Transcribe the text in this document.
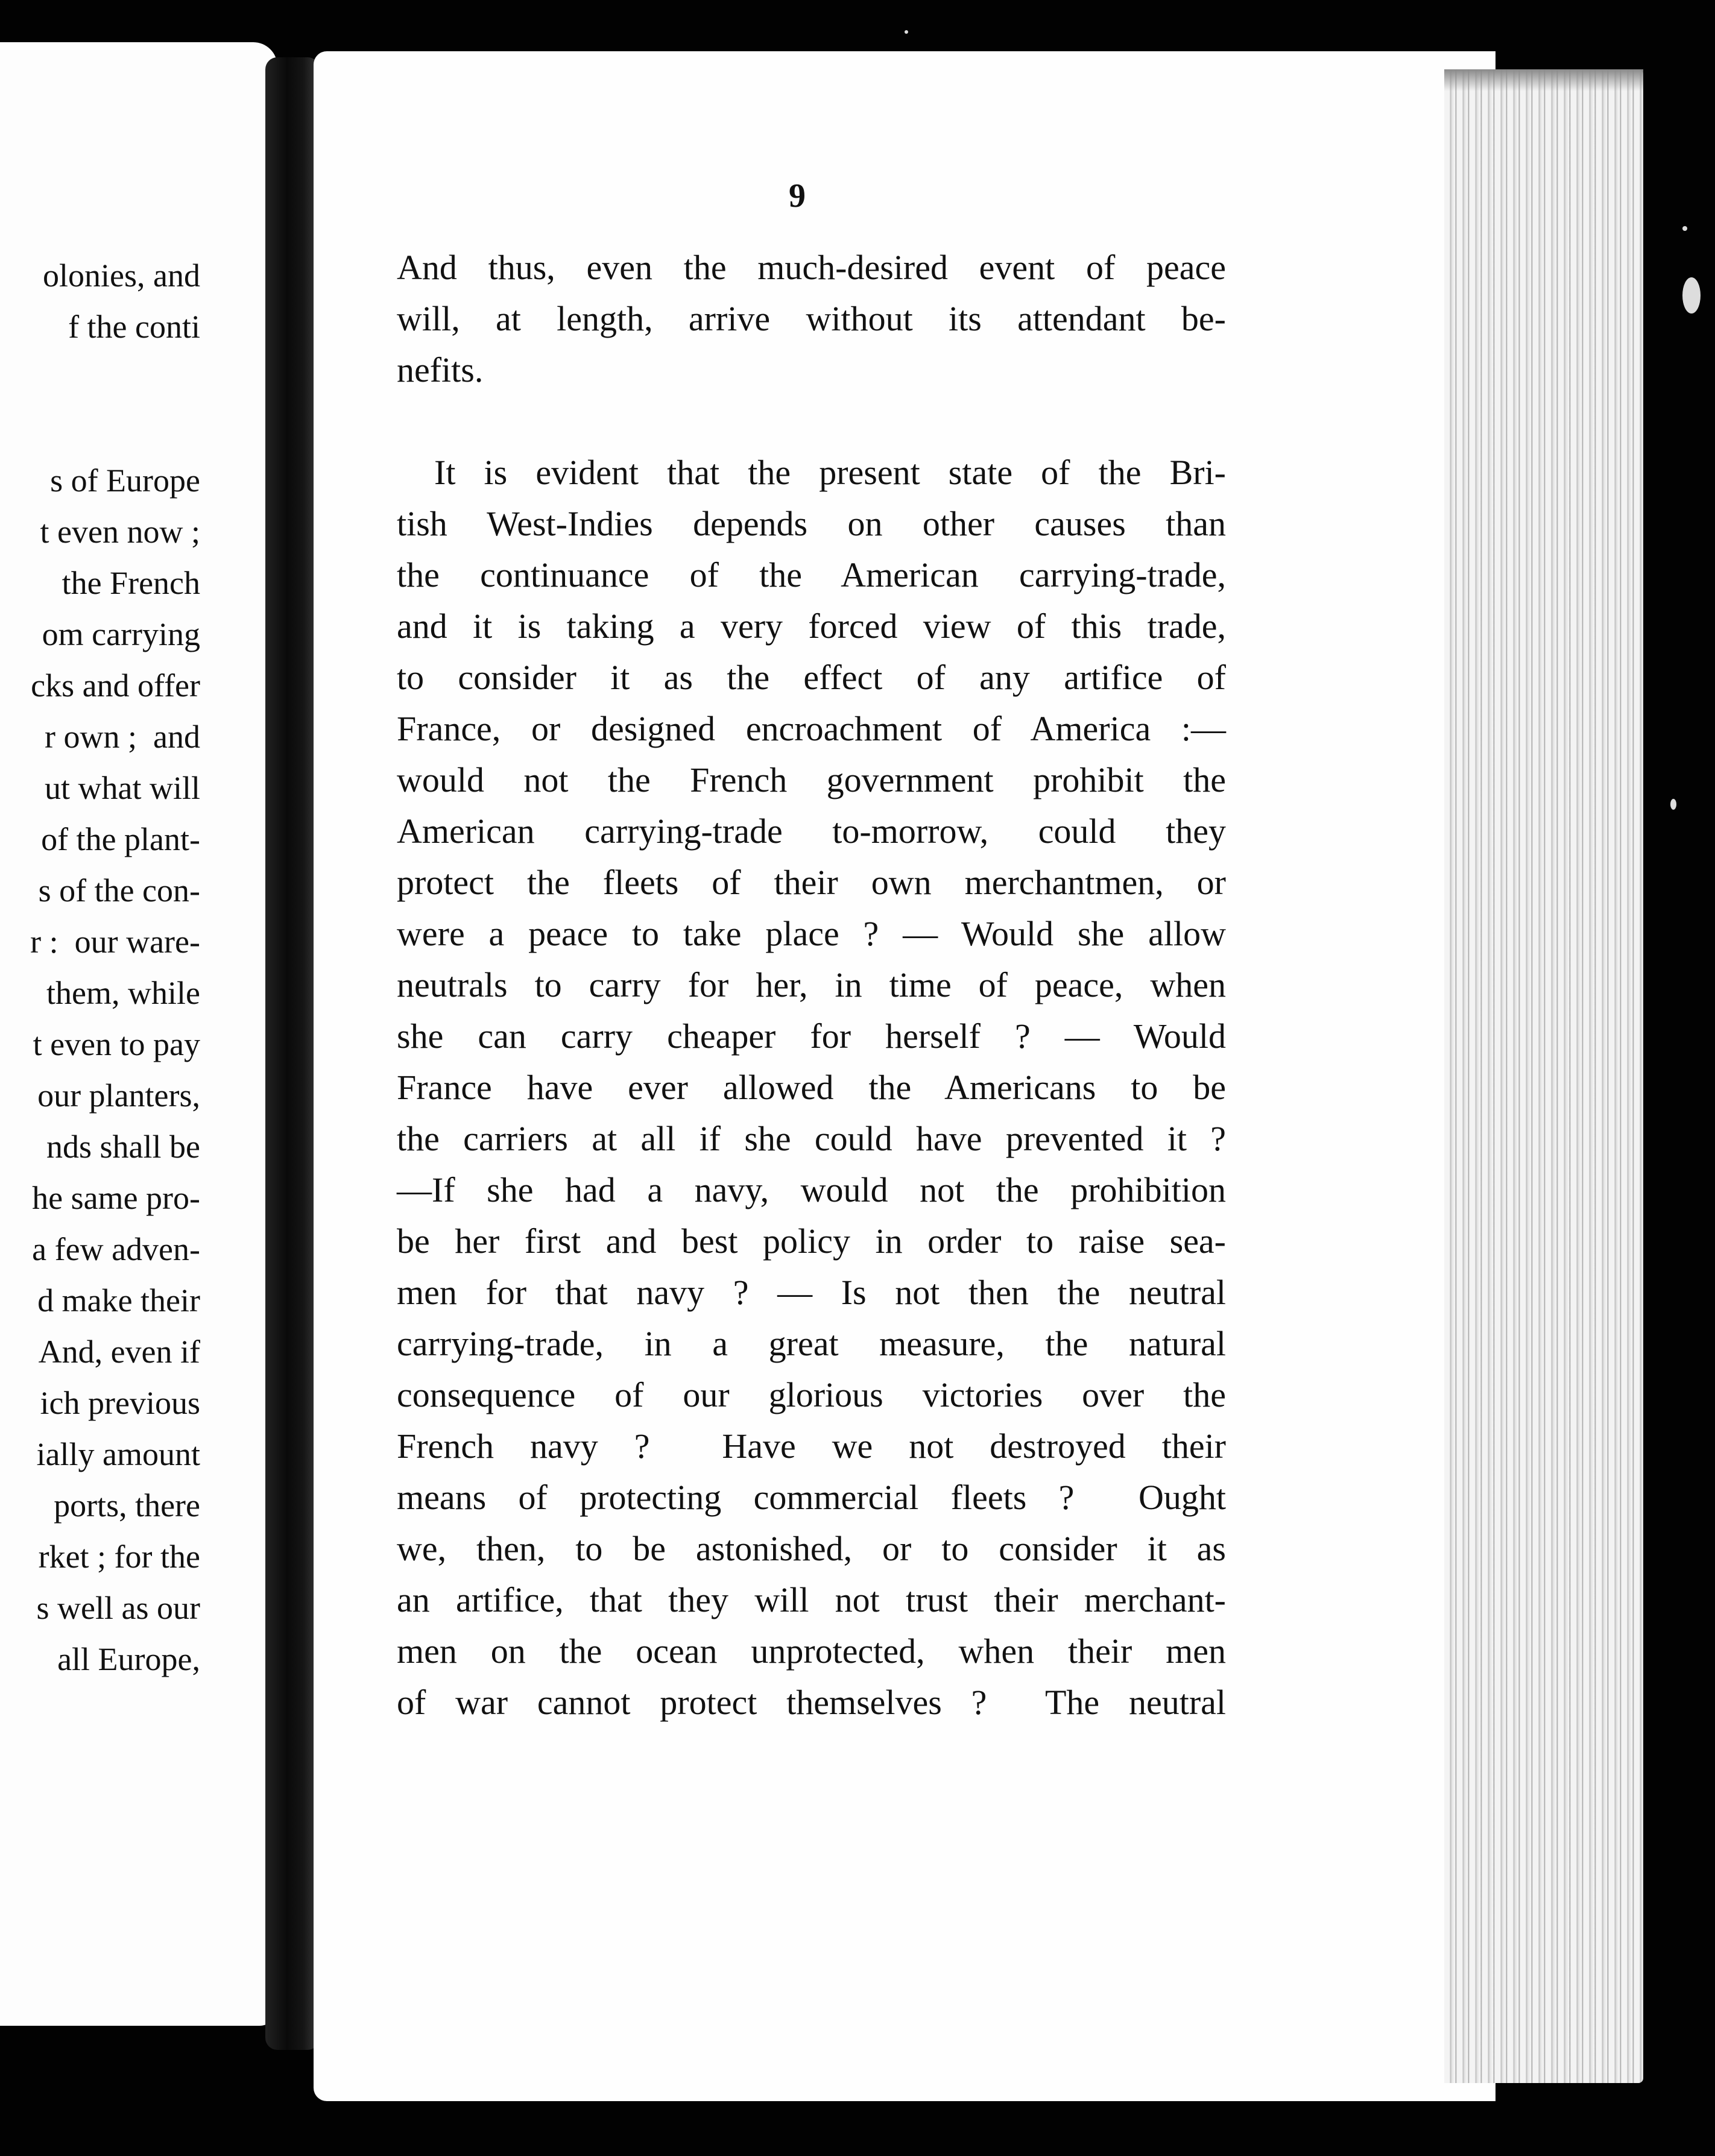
olonies, and

f the conti

s of Europe

t even now ;

the French

om carrying

cks and offer

r own ;  and

ut what will

of the plant-

s of the con-

r :  our ware-

them, while

t even to pay

our planters,

nds shall be

he same pro-

a few adven-

d make their

And, even if

ich previous

ially amount

ports, there

rket ; for the

s well as our

all Europe,

9

And thus, even the much-desired event of peace

will, at length, arrive without its attendant be-

nefits.

It is evident that the present state of the Bri-

tish West-Indies depends on other causes than

the continuance of the American carrying-trade,

and it is taking a very forced view of this trade,

to consider it as the effect of any artifice of

France, or designed encroachment of America :—

would not the French government prohibit the

American carrying-trade to-morrow, could they

protect the fleets of their own merchantmen, or

were a peace to take place ? — Would she allow

neutrals to carry for her, in time of peace, when

she can carry cheaper for herself ? — Would

France have ever allowed the Americans to be

the carriers at all if she could have prevented it ?

—If she had a navy, would not the prohibition

be her first and best policy in order to raise sea-

men for that navy ? — Is not then the neutral

carrying-trade, in a great measure, the natural

consequence of our glorious victories over the

French navy ?  Have we not destroyed their

means of protecting commercial fleets ?  Ought

we, then, to be astonished, or to consider it as

an artifice, that they will not trust their merchant-

men on the ocean unprotected, when their men

of war cannot protect themselves ?  The neutral
